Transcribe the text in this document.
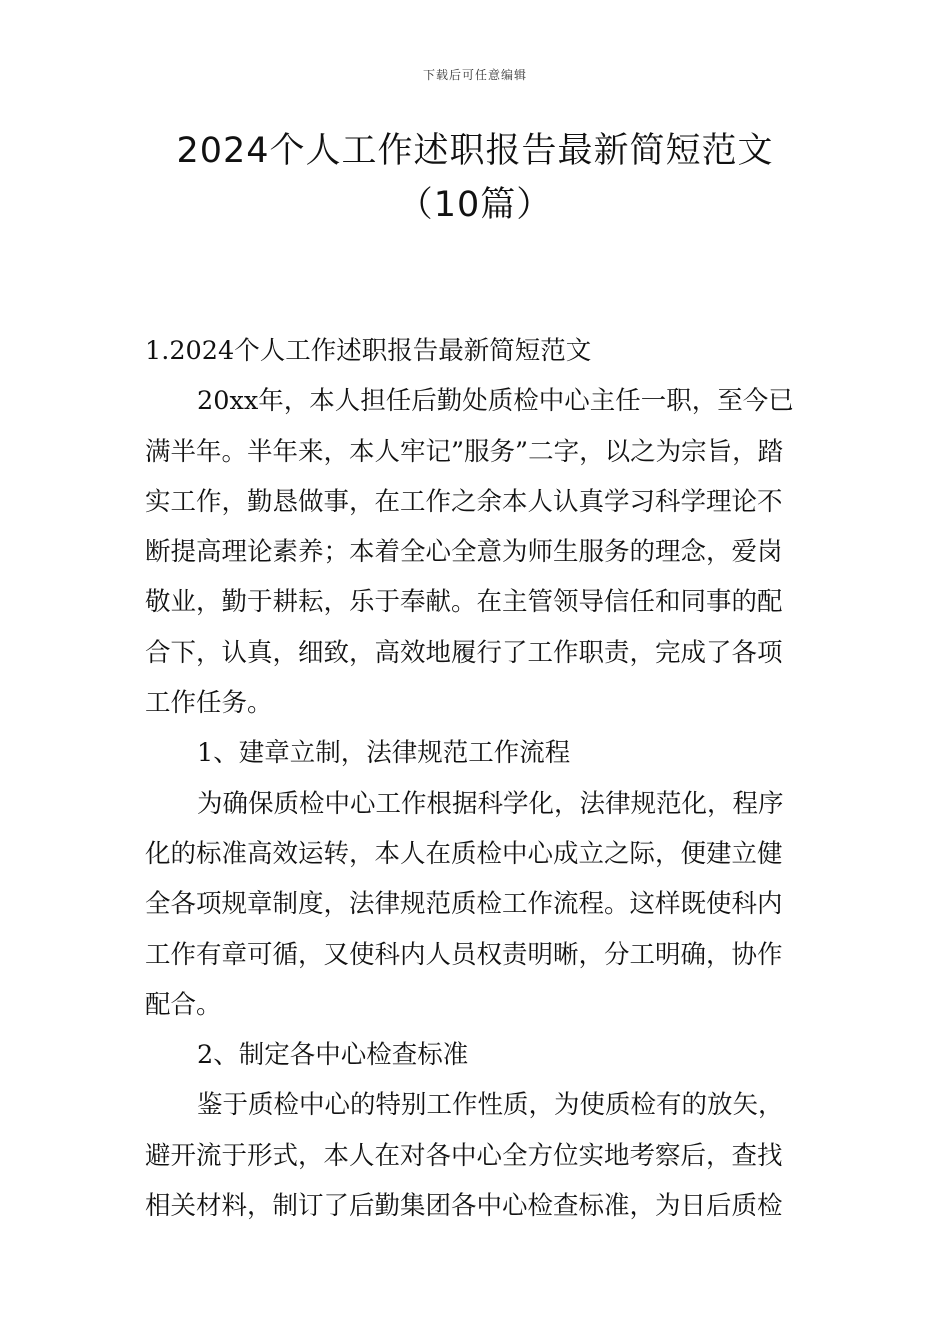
下载后可任意编辑
2024个人工作述职报告最新简短范文（10篇）

1.2024个人工作述职报告最新简短范文

20xx年，本人担任后勤处质检中心主任一职，至今已满半年。半年来，本人牢记”服务”二字，以之为宗旨，踏实工作，勤恳做事，在工作之余本人认真学习科学理论不断提高理论素养；本着全心全意为师生服务的理念，爱岗敬业，勤于耕耘，乐于奉献。在主管领导信任和同事的配合下，认真，细致，高效地履行了工作职责，完成了各项工作任务。

1、建章立制，法律规范工作流程

为确保质检中心工作根据科学化，法律规范化，程序化的标准高效运转，本人在质检中心成立之际，便建立健全各项规章制度，法律规范质检工作流程。这样既使科内工作有章可循，又使科内人员权责明晰，分工明确，协作配合。

2、制定各中心检查标准

鉴于质检中心的特别工作性质，为使质检有的放矢，避开流于形式，本人在对各中心全方位实地考察后，查找相关材料，制订了后勤集团各中心检查标准，为日后质检
